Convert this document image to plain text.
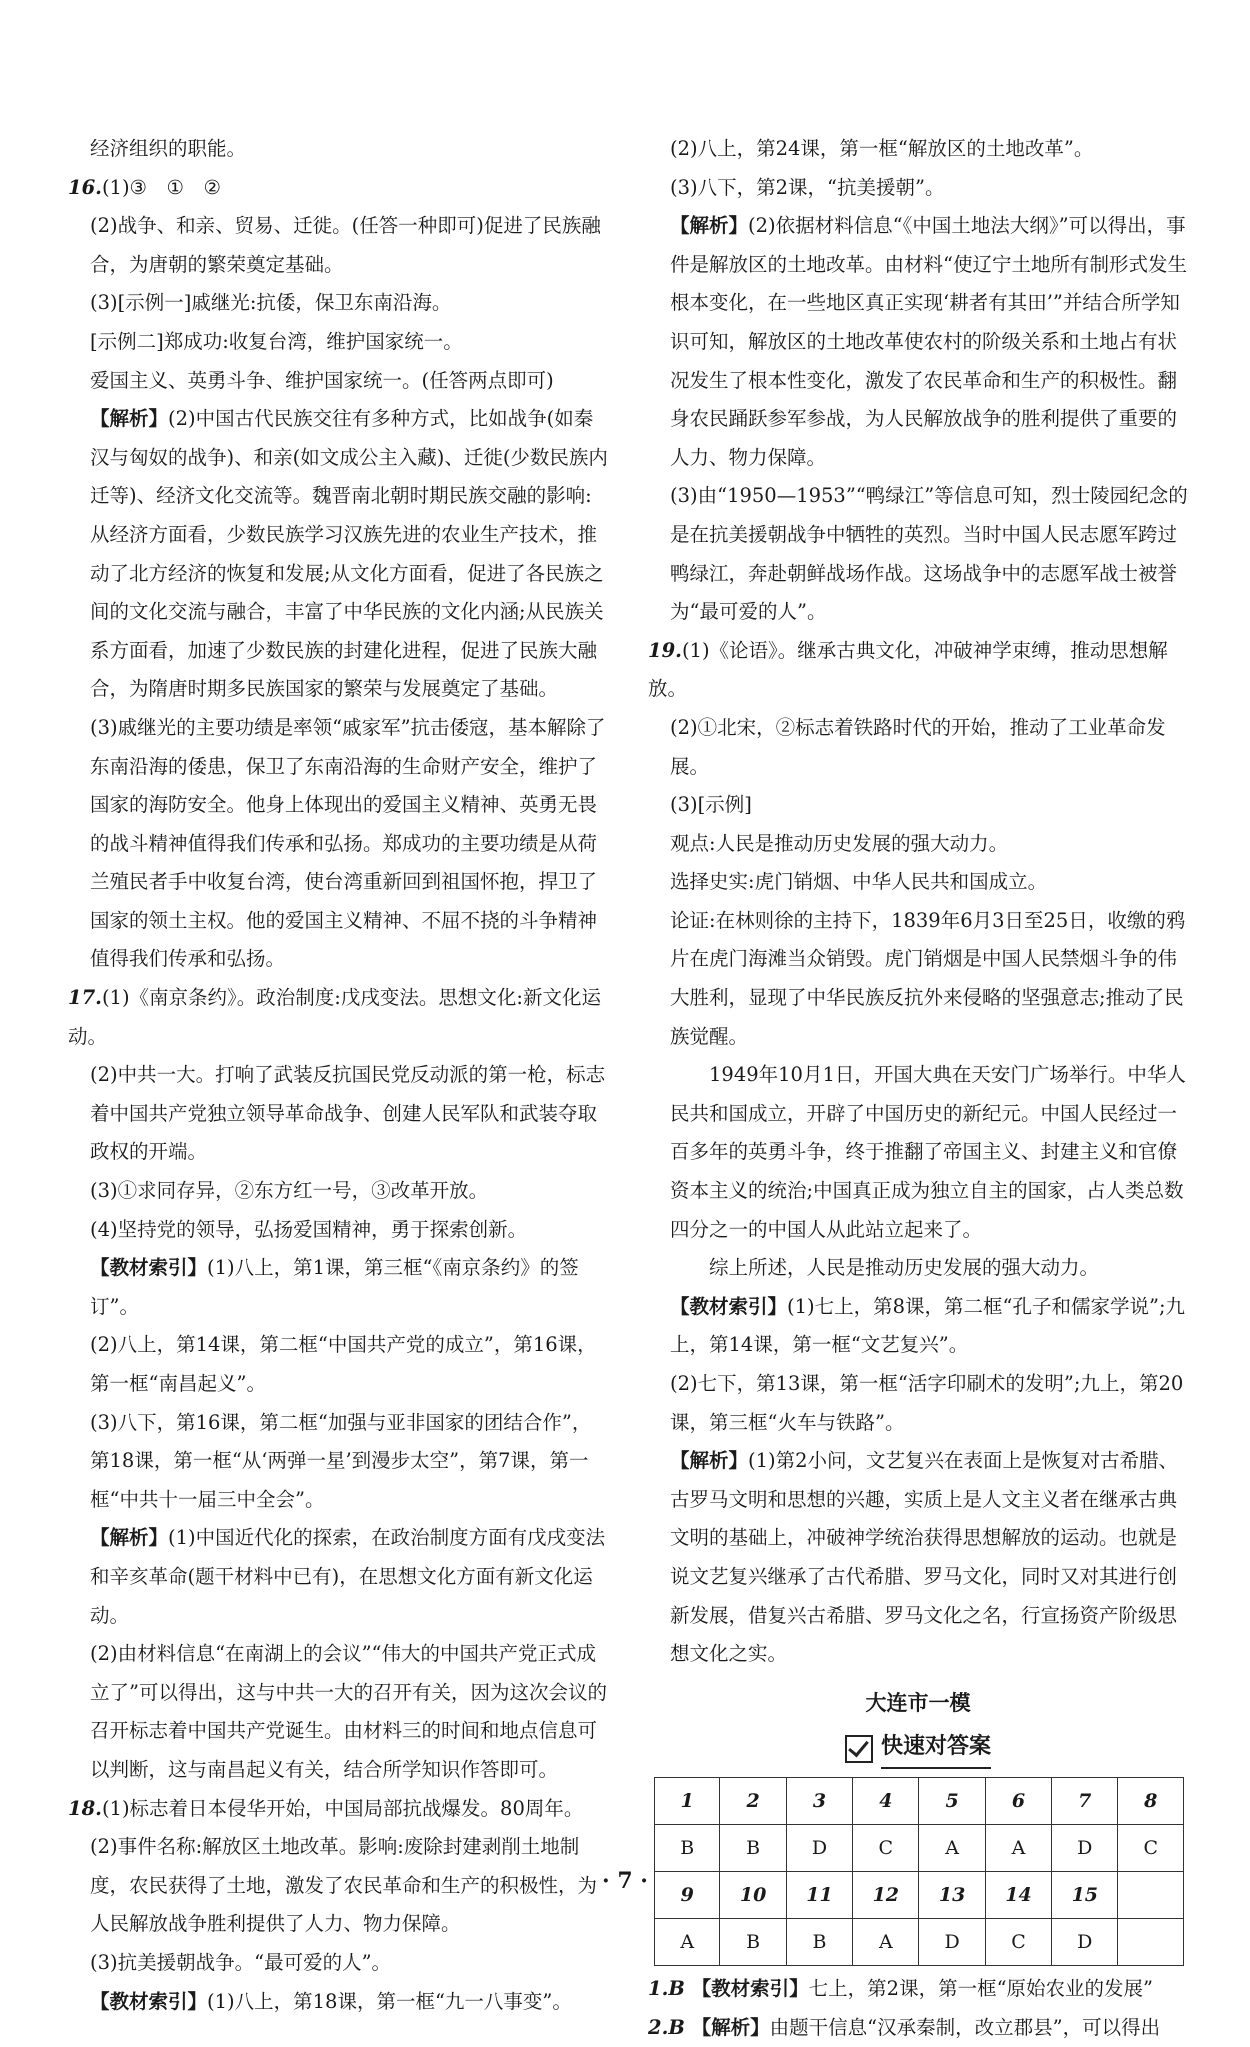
经济组织的职能。
16.(1)③　①　②
(2)战争、和亲、贸易、迁徙。(任答一种即可)促进了民族融合，为唐朝的繁荣奠定基础。
(3)[示例一]戚继光:抗倭，保卫东南沿海。
[示例二]郑成功:收复台湾，维护国家统一。
爱国主义、英勇斗争、维护国家统一。(任答两点即可)
【解析】(2)中国古代民族交往有多种方式，比如战争(如秦汉与匈奴的战争)、和亲(如文成公主入藏)、迁徙(少数民族内迁等)、经济文化交流等。魏晋南北朝时期民族交融的影响:从经济方面看，少数民族学习汉族先进的农业生产技术，推动了北方经济的恢复和发展;从文化方面看，促进了各民族之间的文化交流与融合，丰富了中华民族的文化内涵;从民族关系方面看，加速了少数民族的封建化进程，促进了民族大融合，为隋唐时期多民族国家的繁荣与发展奠定了基础。
(3)戚继光的主要功绩是率领“戚家军”抗击倭寇，基本解除了东南沿海的倭患，保卫了东南沿海的生命财产安全，维护了国家的海防安全。他身上体现出的爱国主义精神、英勇无畏的战斗精神值得我们传承和弘扬。郑成功的主要功绩是从荷兰殖民者手中收复台湾，使台湾重新回到祖国怀抱，捍卫了国家的领土主权。他的爱国主义精神、不屈不挠的斗争精神值得我们传承和弘扬。
17.(1)《南京条约》。政治制度:戊戌变法。思想文化:新文化运动。
(2)中共一大。打响了武装反抗国民党反动派的第一枪，标志着中国共产党独立领导革命战争、创建人民军队和武装夺取政权的开端。
(3)①求同存异，②东方红一号，③改革开放。
(4)坚持党的领导，弘扬爱国精神，勇于探索创新。
【教材索引】(1)八上，第1课，第三框“《南京条约》的签订”。
(2)八上，第14课，第二框“中国共产党的成立”，第16课，第一框“南昌起义”。
(3)八下，第16课，第二框“加强与亚非国家的团结合作”，第18课，第一框“从‘两弹一星’到漫步太空”，第7课，第一框“中共十一届三中全会”。
【解析】(1)中国近代化的探索，在政治制度方面有戊戌变法和辛亥革命(题干材料中已有)，在思想文化方面有新文化运动。
(2)由材料信息“在南湖上的会议”“伟大的中国共产党正式成立了”可以得出，这与中共一大的召开有关，因为这次会议的召开标志着中国共产党诞生。由材料三的时间和地点信息可以判断，这与南昌起义有关，结合所学知识作答即可。
18.(1)标志着日本侵华开始，中国局部抗战爆发。80周年。
(2)事件名称:解放区土地改革。影响:废除封建剥削土地制度，农民获得了土地，激发了农民革命和生产的积极性，为人民解放战争胜利提供了人力、物力保障。
(3)抗美援朝战争。“最可爱的人”。
【教材索引】(1)八上，第18课，第一框“九一八事变”。
(2)八上，第24课，第一框“解放区的土地改革”。
(3)八下，第2课，“抗美援朝”。
【解析】(2)依据材料信息“《中国土地法大纲》”可以得出，事件是解放区的土地改革。由材料“使辽宁土地所有制形式发生根本变化，在一些地区真正实现‘耕者有其田’”并结合所学知识可知，解放区的土地改革使农村的阶级关系和土地占有状况发生了根本性变化，激发了农民革命和生产的积极性。翻身农民踊跃参军参战，为人民解放战争的胜利提供了重要的人力、物力保障。
(3)由“1950—1953”“鸭绿江”等信息可知，烈士陵园纪念的是在抗美援朝战争中牺牲的英烈。当时中国人民志愿军跨过鸭绿江，奔赴朝鲜战场作战。这场战争中的志愿军战士被誉为“最可爱的人”。
19.(1)《论语》。继承古典文化，冲破神学束缚，推动思想解放。
(2)①北宋，②标志着铁路时代的开始，推动了工业革命发展。
(3)[示例]
观点:人民是推动历史发展的强大动力。
选择史实:虎门销烟、中华人民共和国成立。
论证:在林则徐的主持下，1839年6月3日至25日，收缴的鸦片在虎门海滩当众销毁。虎门销烟是中国人民禁烟斗争的伟大胜利，显现了中华民族反抗外来侵略的坚强意志;推动了民族觉醒。
1949年10月1日，开国大典在天安门广场举行。中华人民共和国成立，开辟了中国历史的新纪元。中国人民经过一百多年的英勇斗争，终于推翻了帝国主义、封建主义和官僚资本主义的统治;中国真正成为独立自主的国家，占人类总数四分之一的中国人从此站立起来了。
综上所述，人民是推动历史发展的强大动力。
【教材索引】(1)七上，第8课，第二框“孔子和儒家学说”;九上，第14课，第一框“文艺复兴”。
(2)七下，第13课，第一框“活字印刷术的发明”;九上，第20课，第三框“火车与铁路”。
【解析】(1)第2小问，文艺复兴在表面上是恢复对古希腊、古罗马文明和思想的兴趣，实质上是人文主义者在继承古典文明的基础上，冲破神学统治获得思想解放的运动。也就是说文艺复兴继承了古代希腊、罗马文化，同时又对其进行创新发展，借复兴古希腊、罗马文化之名，行宣扬资产阶级思想文化之实。
大连市一模
快速对答案
1	2	3	4	5	6	7	8
B	B	D	C	A	A	D	C
9	10	11	12	13	14	15	
A	B	B	A	D	C	D	
1.B 【教材索引】七上，第2课，第一框“原始农业的发展”
2.B 【解析】由题干信息“汉承秦制，改立郡县”，可以得出
· 7 ·
